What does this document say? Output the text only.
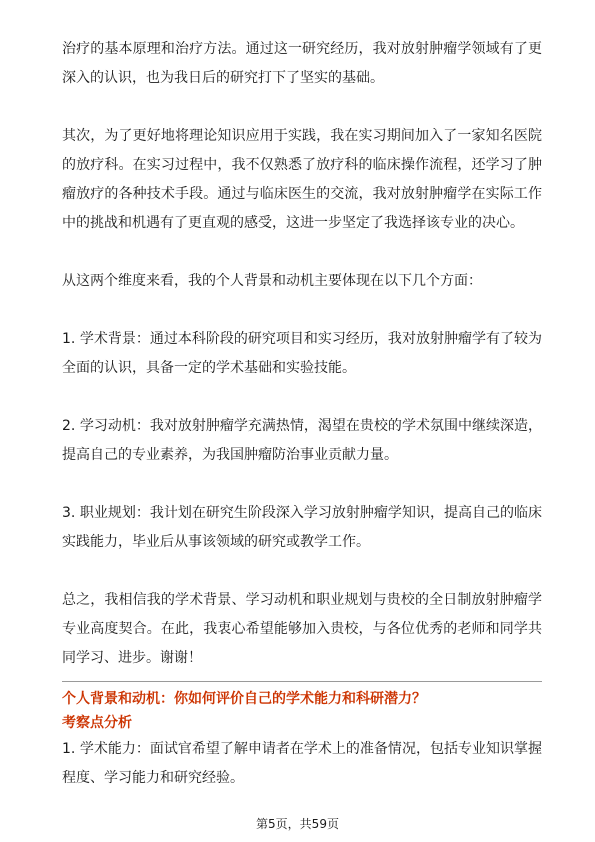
治疗的基本原理和治疗方法。通过这一研究经历，我对放射肿瘤学领域有了更深入的认识，也为我日后的研究打下了坚实的基础。

其次，为了更好地将理论知识应用于实践，我在实习期间加入了一家知名医院的放疗科。在实习过程中，我不仅熟悉了放疗科的临床操作流程，还学习了肿瘤放疗的各种技术手段。通过与临床医生的交流，我对放射肿瘤学在实际工作中的挑战和机遇有了更直观的感受，这进一步坚定了我选择该专业的决心。

从这两个维度来看，我的个人背景和动机主要体现在以下几个方面：

1. 学术背景：通过本科阶段的研究项目和实习经历，我对放射肿瘤学有了较为全面的认识，具备一定的学术基础和实验技能。

2. 学习动机：我对放射肿瘤学充满热情，渴望在贵校的学术氛围中继续深造，提高自己的专业素养，为我国肿瘤防治事业贡献力量。

3. 职业规划：我计划在研究生阶段深入学习放射肿瘤学知识，提高自己的临床实践能力，毕业后从事该领域的研究或教学工作。

总之，我相信我的学术背景、学习动机和职业规划与贵校的全日制放射肿瘤学专业高度契合。在此，我衷心希望能够加入贵校，与各位优秀的老师和同学共同学习、进步。谢谢！

个人背景和动机：你如何评价自己的学术能力和科研潜力？

考察点分析

1. 学术能力：面试官希望了解申请者在学术上的准备情况，包括专业知识掌握程度、学习能力和研究经验。

第5页，共59页
